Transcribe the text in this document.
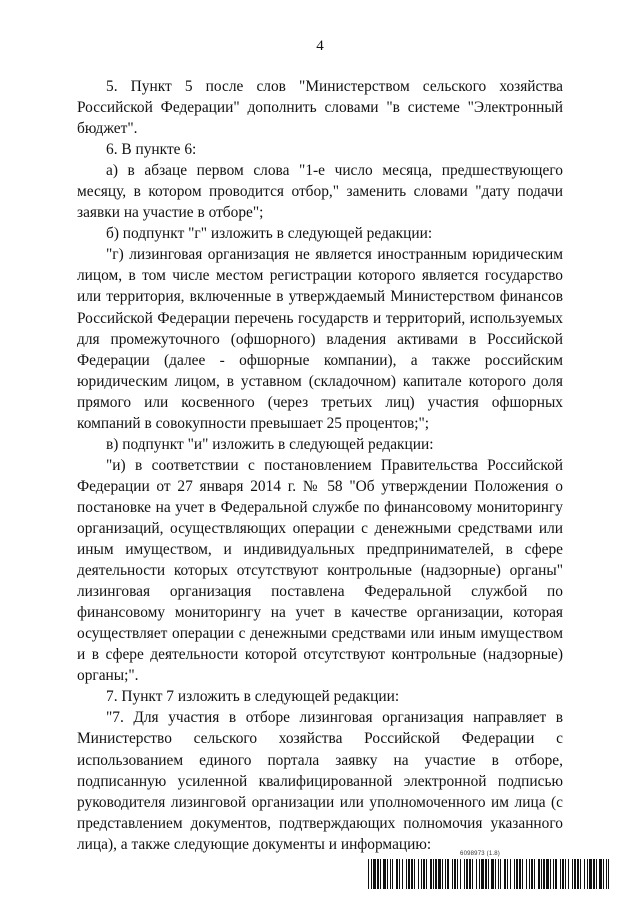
4

5. Пункт 5 после слов "Министерством сельского хозяйства Российской Федерации" дополнить словами "в системе "Электронный бюджет".

6. В пункте 6:

а) в абзаце первом слова "1-е число месяца, предшествующего месяцу, в котором проводится отбор," заменить словами "дату подачи заявки на участие в отборе";

б) подпункт "г" изложить в следующей редакции:

"г) лизинговая организация не является иностранным юридическим лицом, в том числе местом регистрации которого является государство или территория, включенные в утверждаемый Министерством финансов Российской Федерации перечень государств и территорий, используемых для промежуточного (офшорного) владения активами в Российской Федерации (далее - офшорные компании), а также российским юридическим лицом, в уставном (складочном) капитале которого доля прямого или косвенного (через третьих лиц) участия офшорных компаний в совокупности превышает 25 процентов;";

в) подпункт "и" изложить в следующей редакции:

"и) в соответствии с постановлением Правительства Российской Федерации от 27 января 2014 г. № 58 "Об утверждении Положения о постановке на учет в Федеральной службе по финансовому мониторингу организаций, осуществляющих операции с денежными средствами или иным имуществом, и индивидуальных предпринимателей, в сфере деятельности которых отсутствуют контрольные (надзорные) органы" лизинговая организация поставлена Федеральной службой по финансовому мониторингу на учет в качестве организации, которая осуществляет операции с денежными средствами или иным имуществом и в сфере деятельности которой отсутствуют контрольные (надзорные) органы;".

7. Пункт 7 изложить в следующей редакции:

"7. Для участия в отборе лизинговая организация направляет в Министерство сельского хозяйства Российской Федерации с использованием единого портала заявку на участие в отборе, подписанную усиленной квалифицированной электронной подписью руководителя лизинговой организации или уполномоченного им лица (с представлением документов, подтверждающих полномочия указанного лица), а также следующие документы и информацию:

6098973 (1.8)
